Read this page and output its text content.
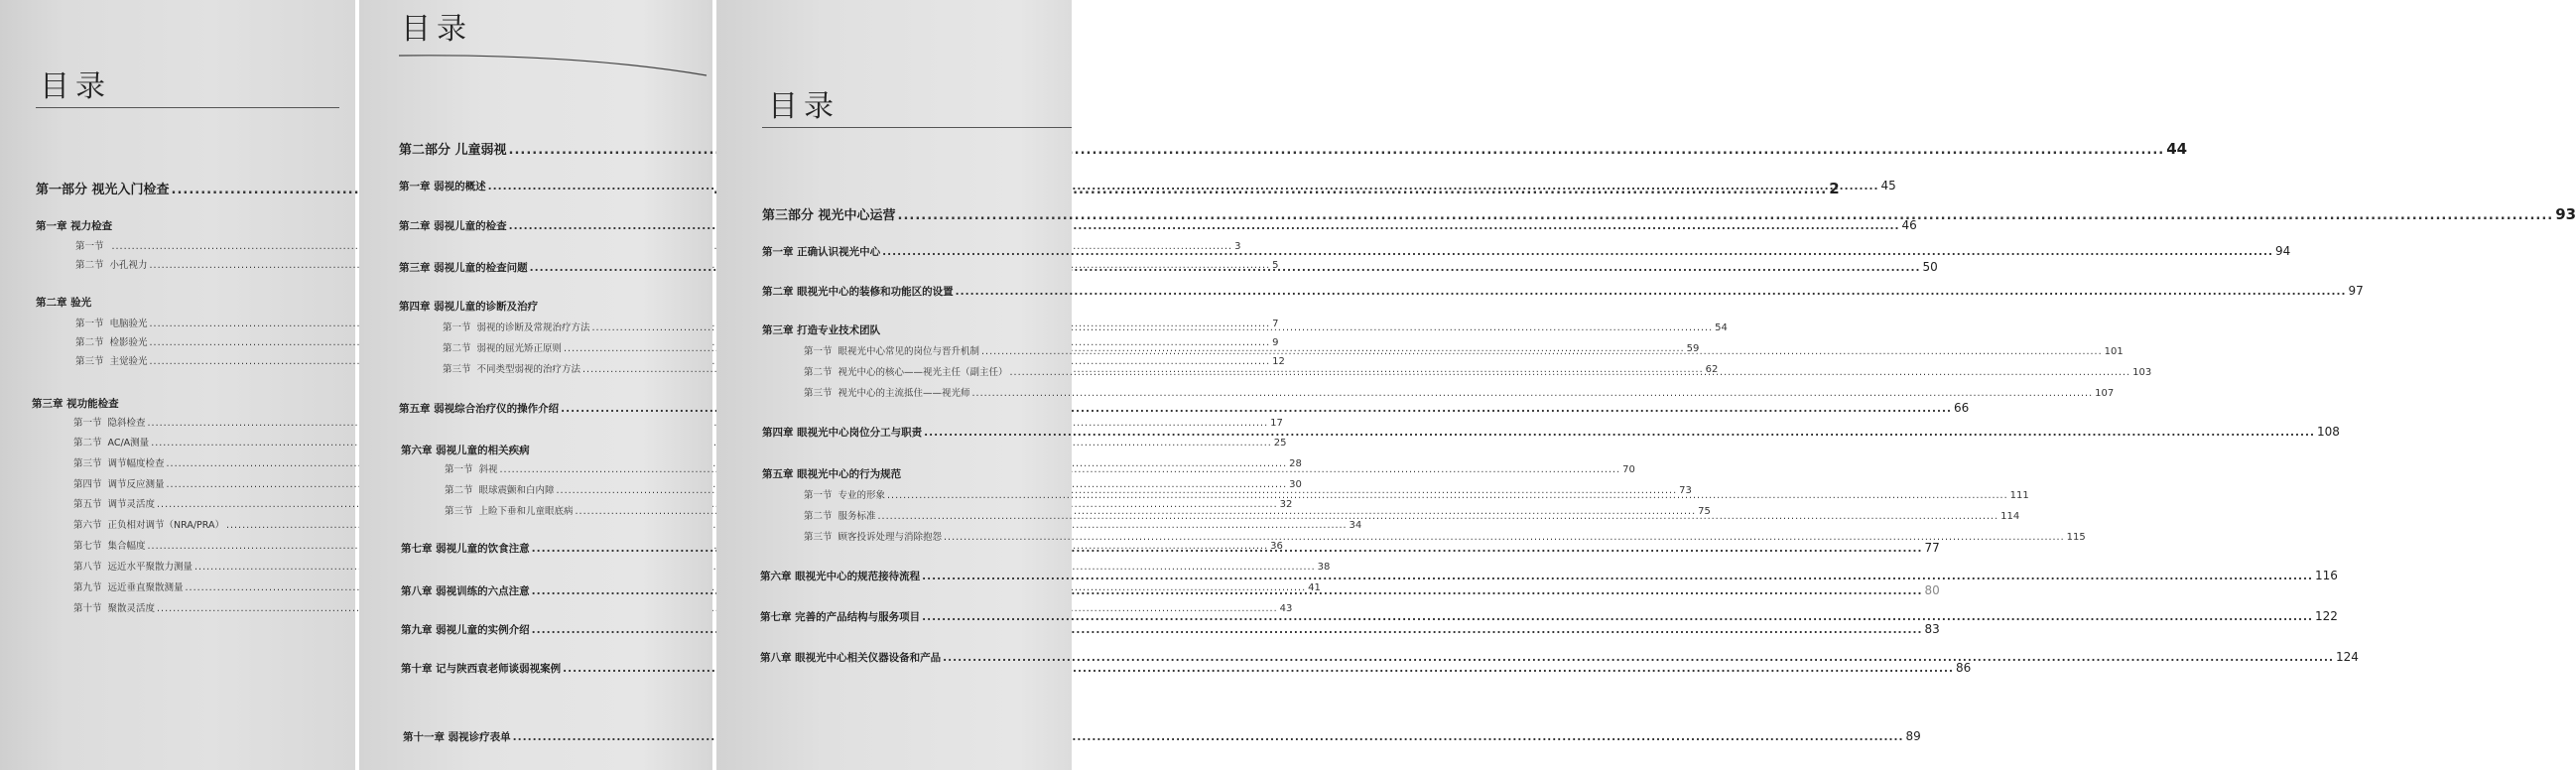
目录
第一部分 视光入门检查 .....	2
第一章 视力检查
第一节 .....	3
第二节 小孔视力 .....	5
第二章 验光
第一节 电脑验光 .....	7
第二节 检影验光 .....	9
第三节 主觉验光 .....	12
第三章 视功能检查
第一节 隐斜检查 .....	17
第二节 AC/A测量 .....	25
第三节 调节幅度检查 .....	28
第四节 调节反应测量 .....	30
第五节 调节灵活度 .....	32
第六节 正负相对调节（NRA/PRA） .....	34
第七节 集合幅度 .....	36
第八节 远近水平聚散力测量 .....	38
第九节 远近垂直聚散测量 .....	41
第十节 聚散灵活度 .....	43
目录
第二部分 儿童弱视 .....	44
第一章 弱视的概述 .....	45
第二章 弱视儿童的检查 .....	46
第三章 弱视儿童的检查问题 .....	50
第四章 弱视儿童的诊断及治疗
第一节 弱视的诊断及常规治疗方法 .....	54
第二节 弱视的屈光矫正原则 .....	59
第三节 不同类型弱视的治疗方法 .....	62
第五章 弱视综合治疗仪的操作介绍 .....	66
第六章 弱视儿童的相关疾病
第一节 斜视 .....	70
第二节 眼球震颤和白内障 .....	73
第三节 上睑下垂和儿童眼底病 .....	75
第七章 弱视儿童的饮食注意 .....	77
第八章 弱视训练的六点注意 .....	80
第九章 弱视儿童的实例介绍 .....	83
第十章 记与陕西袁老师谈弱视案例 .....	86
第十一章 弱视诊疗表单 .....	89
目录
第三部分 视光中心运营 .....	93
第一章 正确认识视光中心 .....	94
第二章 眼视光中心的装修和功能区的设置 .....	97
第三章 打造专业技术团队
第一节 眼视光中心常见的岗位与晋升机制 .....	101
第二节 视光中心的核心——视光主任（副主任） .....	103
第三节 视光中心的主流抵住——视光师 .....	107
第四章 眼视光中心岗位分工与职责 .....	108
第五章 眼视光中心的行为规范
第一节 专业的形象 .....	111
第二节 服务标准 .....	114
第三节 顾客投诉处理与消除抱怨 .....	115
第六章 眼视光中心的规范接待流程 .....	116
第七章 完善的产品结构与服务项目 .....	122
第八章 眼视光中心相关仪器设备和产品 .....	124
